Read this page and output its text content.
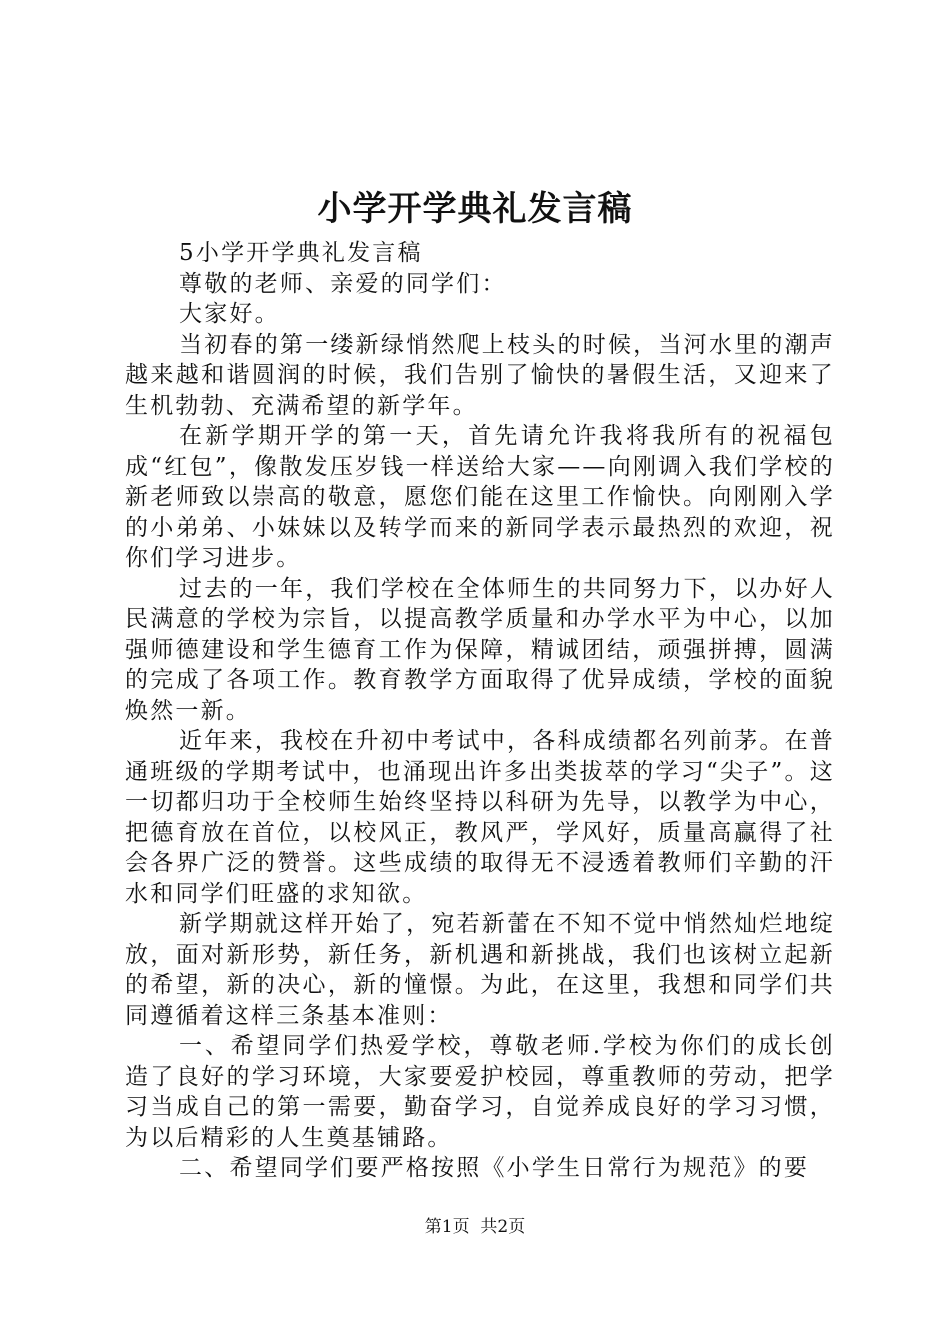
小学开学典礼发言稿

5小学开学典礼发言稿

尊敬的老师、亲爱的同学们：

大家好。

当初春的第一缕新绿悄然爬上枝头的时候，当河水里的潮声越来越和谐圆润的时候，我们告别了愉快的暑假生活，又迎来了生机勃勃、充满希望的新学年。

在新学期开学的第一天，首先请允许我将我所有的祝福包成“红包”，像散发压岁钱一样送给大家——向刚调入我们学校的新老师致以崇高的敬意，愿您们能在这里工作愉快。向刚刚入学的小弟弟、小妹妹以及转学而来的新同学表示最热烈的欢迎，祝你们学习进步。

过去的一年，我们学校在全体师生的共同努力下，以办好人民满意的学校为宗旨，以提高教学质量和办学水平为中心，以加强师德建设和学生德育工作为保障，精诚团结，顽强拼搏，圆满的完成了各项工作。教育教学方面取得了优异成绩，学校的面貌焕然一新。

近年来，我校在升初中考试中，各科成绩都名列前茅。在普通班级的学期考试中，也涌现出许多出类拔萃的学习“尖子”。这一切都归功于全校师生始终坚持以科研为先导，以教学为中心，把德育放在首位，以校风正，教风严，学风好，质量高赢得了社会各界广泛的赞誉。这些成绩的取得无不浸透着教师们辛勤的汗水和同学们旺盛的求知欲。

新学期就这样开始了，宛若新蕾在不知不觉中悄然灿烂地绽放，面对新形势，新任务，新机遇和新挑战，我们也该树立起新的希望，新的决心，新的憧憬。为此，在这里，我想和同学们共同遵循着这样三条基本准则：

一、希望同学们热爱学校，尊敬老师.学校为你们的成长创造了良好的学习环境，大家要爱护校园，尊重教师的劳动，把学习当成自己的第一需要，勤奋学习，自觉养成良好的学习习惯，为以后精彩的人生奠基铺路。

二、希望同学们要严格按照《小学生日常行为规范》的要

第1页 共2页
